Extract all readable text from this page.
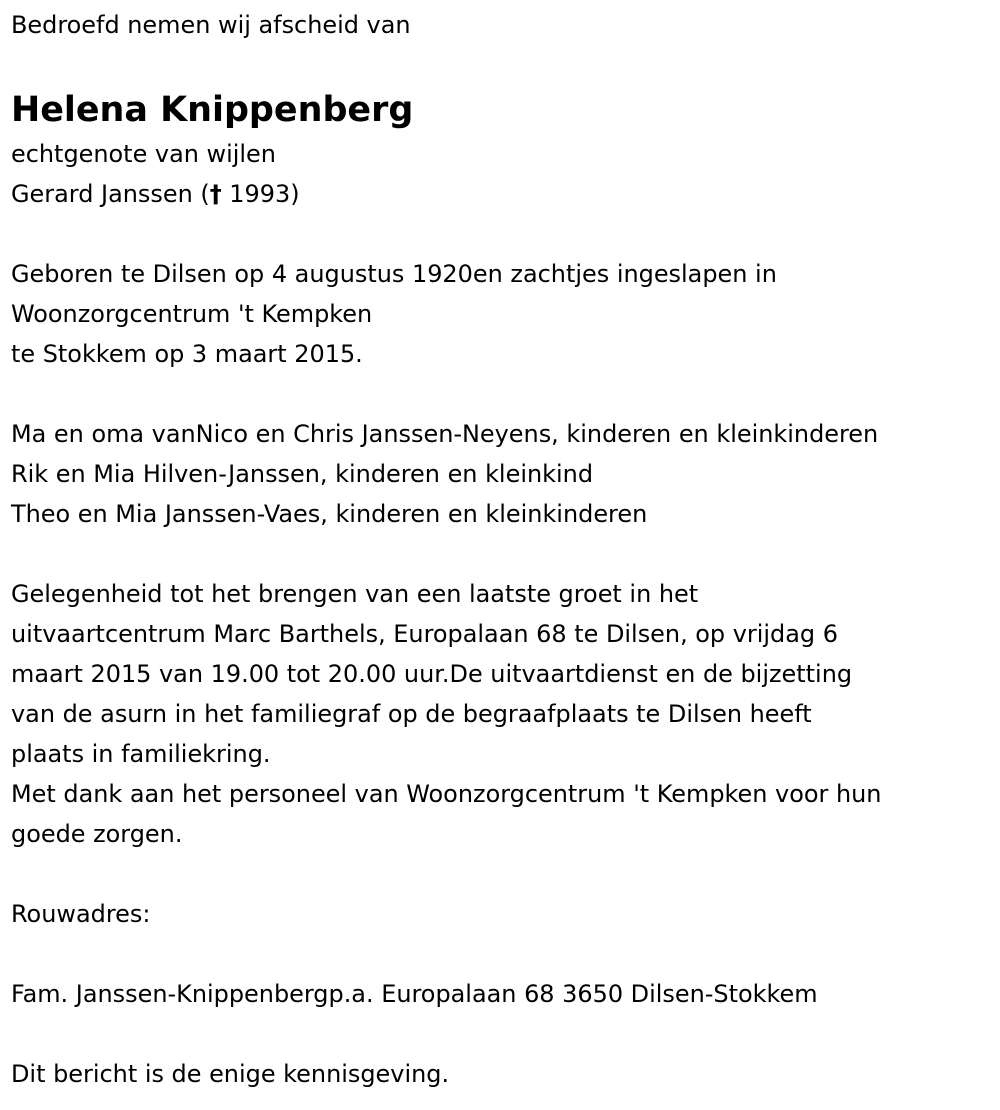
Bedroefd nemen wij afscheid van
Helena Knippenberg
echtgenote van wijlen
Gerard Janssen († 1993)
Geboren te Dilsen op 4 augustus 1920en zachtjes ingeslapen in
Woonzorgcentrum 't Kempken
te Stokkem op 3 maart 2015.
Ma en oma vanNico en Chris Janssen-Neyens, kinderen en kleinkinderen
Rik en Mia Hilven-Janssen, kinderen en kleinkind
Theo en Mia Janssen-Vaes, kinderen en kleinkinderen
Gelegenheid tot het brengen van een laatste groet in het
uitvaartcentrum Marc Barthels, Europalaan 68 te Dilsen, op vrijdag 6
maart 2015 van 19.00 tot 20.00 uur.De uitvaartdienst en de bijzetting
van de asurn in het familiegraf op de begraafplaats te Dilsen heeft
plaats in familiekring.
Met dank aan het personeel van Woonzorgcentrum 't Kempken voor hun
goede zorgen.
Rouwadres:
Fam. Janssen-Knippenbergp.a. Europalaan 68 3650 Dilsen-Stokkem
Dit bericht is de enige kennisgeving.
